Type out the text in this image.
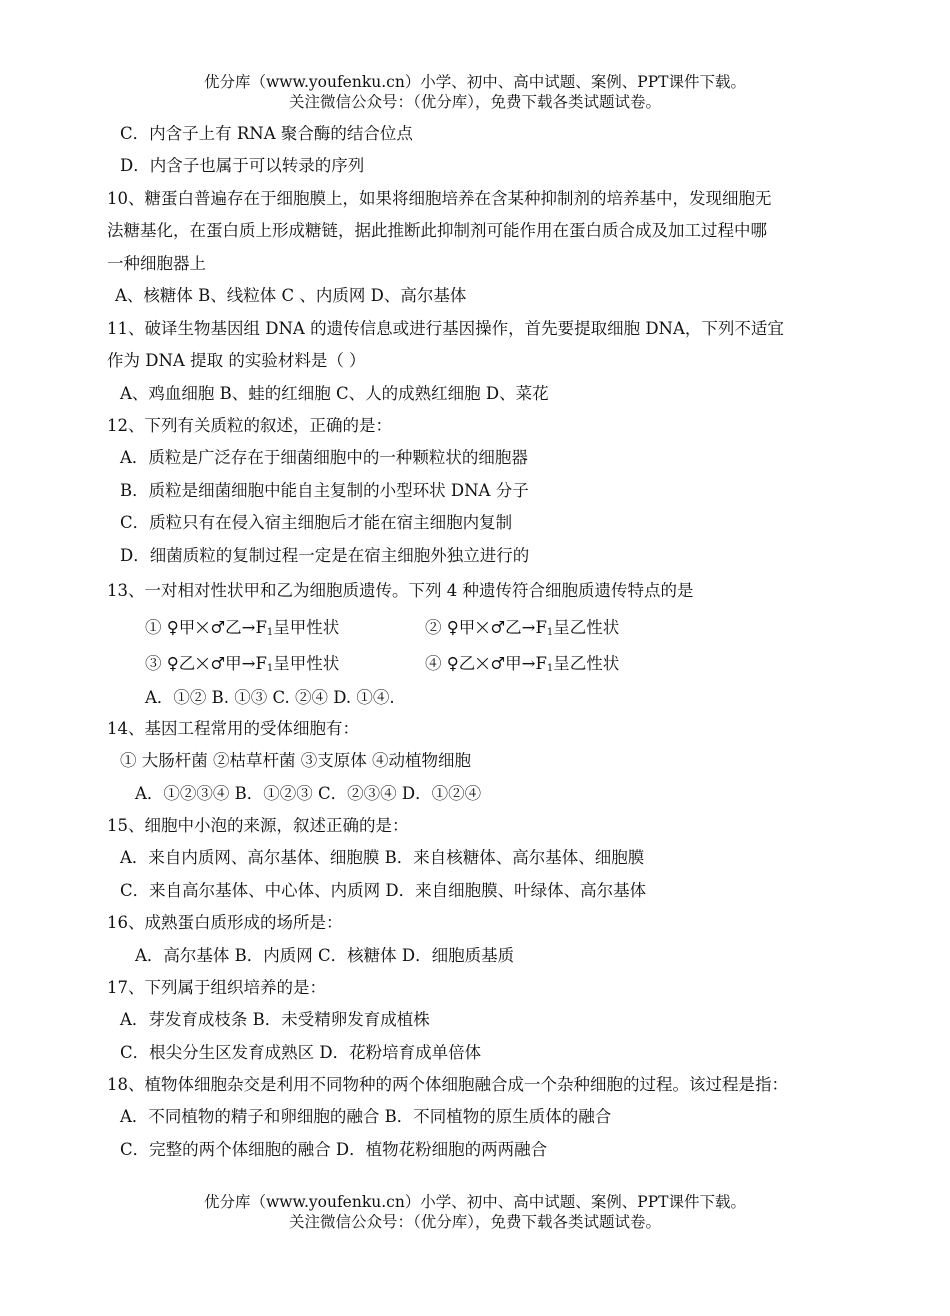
优分库（www.youfenku.cn）小学、初中、高中试题、案例、PPT课件下载。
关注微信公众号：（优分库），免费下载各类试题试卷。
C．内含子上有 RNA 聚合酶的结合位点
D．内含子也属于可以转录的序列
10、糖蛋白普遍存在于细胞膜上，如果将细胞培养在含某种抑制剂的培养基中，发现细胞无
法糖基化，在蛋白质上形成糖链，据此推断此抑制剂可能作用在蛋白质合成及加工过程中哪
一种细胞器上
A、核糖体 B、线粒体 C 、内质网 D、高尔基体
11、破译生物基因组 DNA 的遗传信息或进行基因操作，首先要提取细胞 DNA，下列不适宜
作为 DNA 提取 的实验材料是（ ）
A、鸡血细胞 B、蛙的红细胞 C、人的成熟红细胞 D、菜花
12、下列有关质粒的叙述，正确的是：
A．质粒是广泛存在于细菌细胞中的一种颗粒状的细胞器
B．质粒是细菌细胞中能自主复制的小型环状 DNA 分子
C．质粒只有在侵入宿主细胞后才能在宿主细胞内复制
D．细菌质粒的复制过程一定是在宿主细胞外独立进行的
13、一对相对性状甲和乙为细胞质遗传。下列 4 种遗传符合细胞质遗传特点的是
① ♀甲 ♂乙$\to F_1$呈甲性状	② ♀甲 ♂乙$\to F_1$呈乙性状
③ ♀乙 ♂甲$\to F_1$呈甲性状	④ ♀乙 ♂甲$\to F_1$呈乙性状
A．①② B. ①③ C. ②④ D. ①④.
14、基因工程常用的受体细胞有：
① 大肠杆菌 ②枯草杆菌 ③支原体 ④动植物细胞
A．①②③④ B．①②③ C．②③④ D．①②④
15、细胞中小泡的来源，叙述正确的是：
A．来自内质网、高尔基体、细胞膜 B．来自核糖体、高尔基体、细胞膜
C．来自高尔基体、中心体、内质网 D．来自细胞膜、叶绿体、高尔基体
16、成熟蛋白质形成的场所是：
A．高尔基体 B．内质网 C．核糖体 D．细胞质基质
17、下列属于组织培养的是：
A．芽发育成枝条 B．未受精卵发育成植株
C．根尖分生区发育成熟区 D．花粉培育成单倍体
18、植物体细胞杂交是利用不同物种的两个体细胞融合成一个杂种细胞的过程。该过程是指：
A．不同植物的精子和卵细胞的融合 B．不同植物的原生质体的融合
C．完整的两个体细胞的融合 D．植物花粉细胞的两两融合
优分库（www.youfenku.cn）小学、初中、高中试题、案例、PPT课件下载。
关注微信公众号：（优分库），免费下载各类试题试卷。
